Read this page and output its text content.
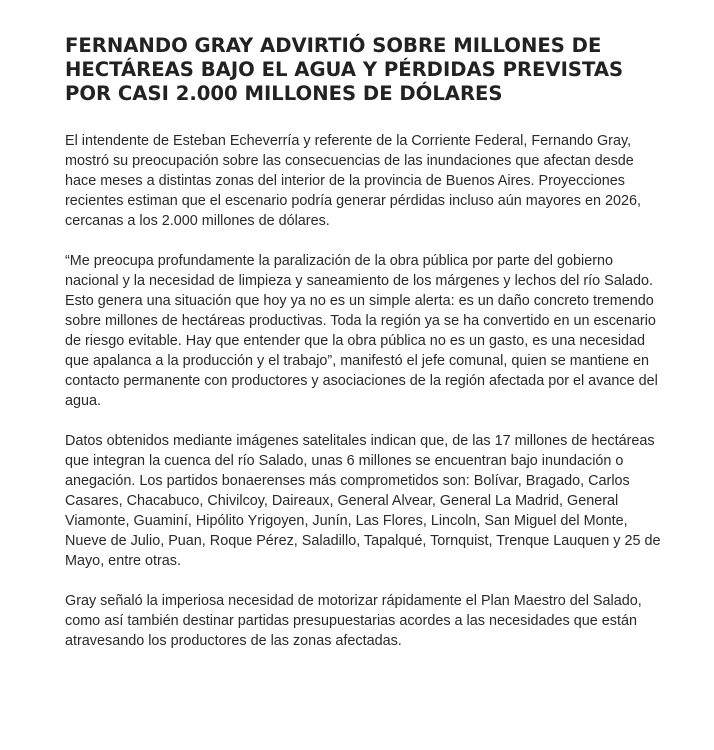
FERNANDO GRAY ADVIRTIÓ SOBRE MILLONES DE HECTÁREAS BAJO EL AGUA Y PÉRDIDAS PREVISTAS POR CASI 2.000 MILLONES DE DÓLARES

El intendente de Esteban Echeverría y referente de la Corriente Federal, Fernando Gray, mostró su preocupación sobre las consecuencias de las inundaciones que afectan desde hace meses a distintas zonas del interior de la provincia de Buenos Aires. Proyecciones recientes estiman que el escenario podría generar pérdidas incluso aún mayores en 2026, cercanas a los 2.000 millones de dólares.

“Me preocupa profundamente la paralización de la obra pública por parte del gobierno nacional y la necesidad de limpieza y saneamiento de los márgenes y lechos del río Salado. Esto genera una situación que hoy ya no es un simple alerta: es un daño concreto tremendo sobre millones de hectáreas productivas. Toda la región ya se ha convertido en un escenario de riesgo evitable. Hay que entender que la obra pública no es un gasto, es una necesidad que apalanca a la producción y el trabajo”, manifestó el jefe comunal, quien se mantiene en contacto permanente con productores y asociaciones de la región afectada por el avance del agua.

Datos obtenidos mediante imágenes satelitales indican que, de las 17 millones de hectáreas que integran la cuenca del río Salado, unas 6 millones se encuentran bajo inundación o anegación. Los partidos bonaerenses más comprometidos son: Bolívar, Bragado, Carlos Casares, Chacabuco, Chivilcoy, Daireaux, General Alvear, General La Madrid, General Viamonte, Guaminí, Hipólito Yrigoyen, Junín, Las Flores, Lincoln, San Miguel del Monte, Nueve de Julio, Puan, Roque Pérez, Saladillo, Tapalqué, Tornquist, Trenque Lauquen y 25 de Mayo, entre otras.

Gray señaló la imperiosa necesidad de motorizar rápidamente el Plan Maestro del Salado, como así también destinar partidas presupuestarias acordes a las necesidades que están atravesando los productores de las zonas afectadas.
